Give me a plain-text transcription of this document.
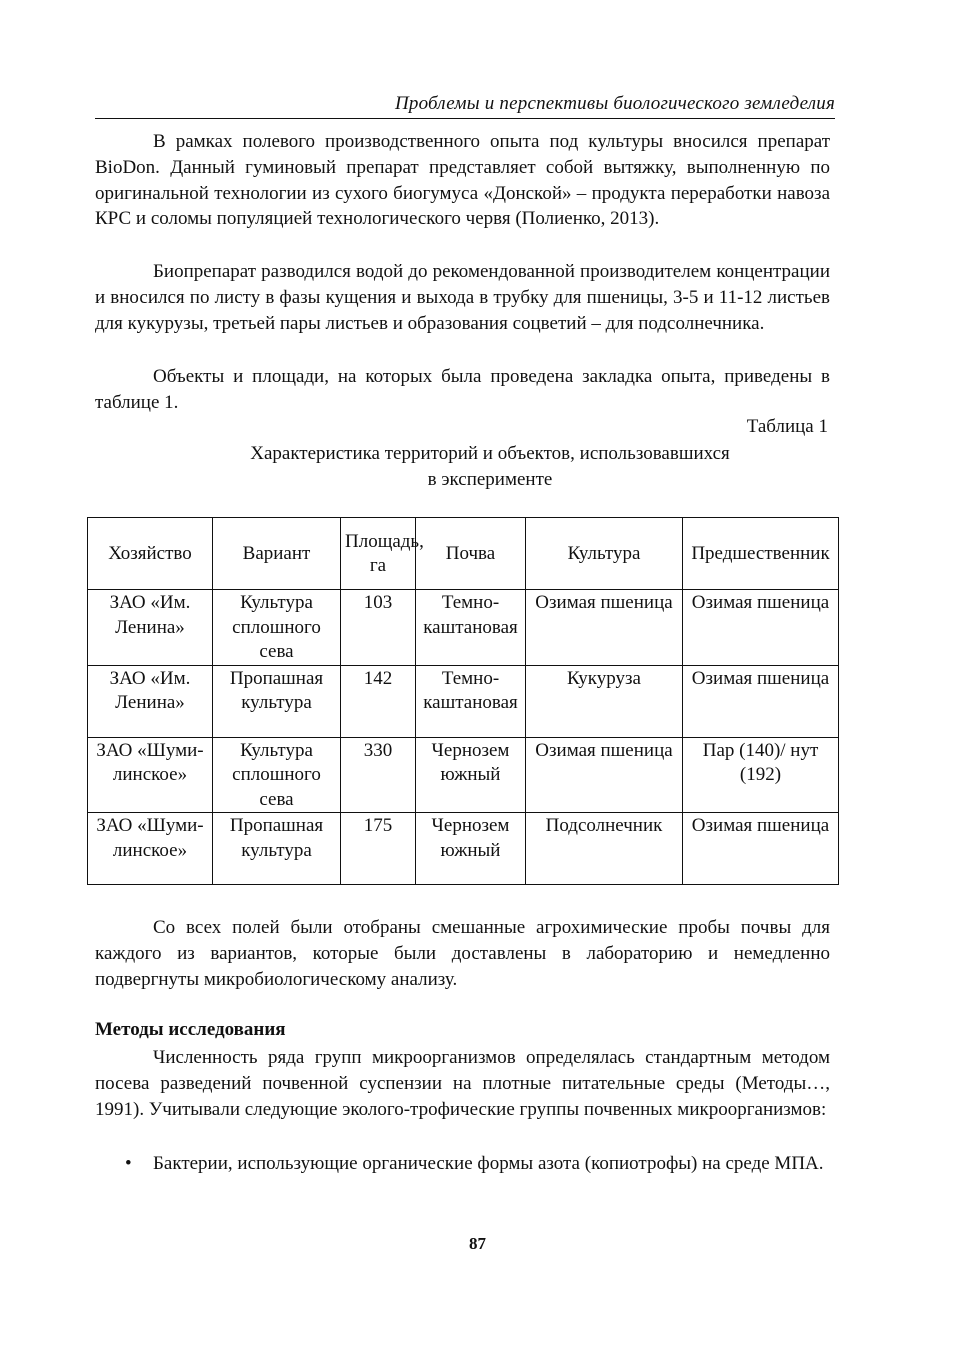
Проблемы и перспективы биологического земледелия

В рамках полевого производственного опыта под культуры вносился препарат BioDon. Данный гуминовый препарат представляет собой вытяжку, выполненную по оригинальной технологии из сухого биогумуса «Донской» – продукта переработки навоза КРС и соломы популяцией технологического червя (Полиенко, 2013).

Биопрепарат разводился водой до рекомендованной производителем концентрации и вносился по листу в фазы кущения и выхода в трубку для пшеницы, 3-5 и 11-12 листьев для кукурузы, третьей пары листьев и образования соцветий – для подсолнечника.

Объекты и площади, на которых была проведена закладка опыта, приведены в таблице 1.

Таблица 1
Характеристика территорий и объектов, использовавшихся
в эксперименте
Хозяйство	Вариант	Площадь, га	Почва	Культура	Предшественник
ЗАО «Им. Ленина»	Культура сплошного сева	103	Темно-каштановая	Озимая пшеница	Озимая пшеница
ЗАО «Им. Ленина»	Пропашная культура	142	Темно-каштановая	Кукуруза	Озимая пшеница
ЗАО «Шуми-линское»	Культура сплошного сева	330	Чернозем южный	Озимая пшеница	Пар (140)/ нут (192)
ЗАО «Шуми-линское»	Пропашная культура	175	Чернозем южный	Подсолнечник	Озимая пшеница

Со всех полей были отобраны смешанные агрохимические пробы почвы для каждого из вариантов, которые были доставлены в лабораторию и немедленно подвергнуты микробиологическому анализу.

Методы исследования

Численность ряда групп микроорганизмов определялась стандартным методом посева разведений почвенной суспензии на плотные питательные среды (Методы…, 1991). Учитывали следующие эколого-трофические группы почвенных микроорганизмов:

• Бактерии, использующие органические формы азота (копиотрофы) на среде МПА.
87
